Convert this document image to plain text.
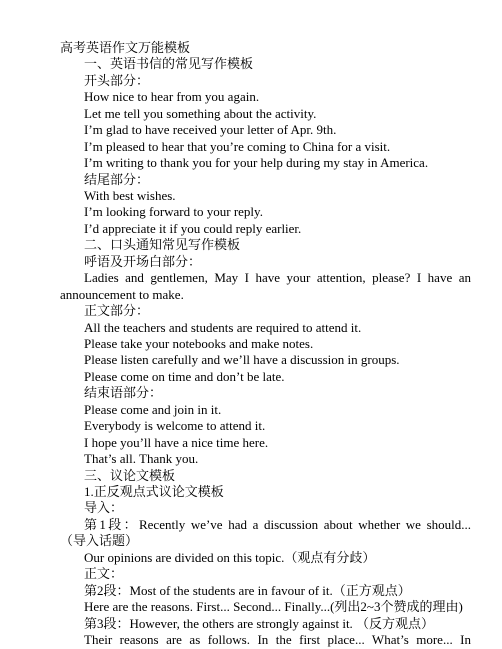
高考英语作文万能模板
一、英语书信的常见写作模板
开头部分：
How nice to hear from you again.
Let me tell you something about the activity.
I’m glad to have received your letter of Apr. 9th.
I’m pleased to hear that you’re coming to China for a visit.
I’m writing to thank you for your help during my stay in America.
结尾部分：
With best wishes.
I’m looking forward to your reply.
I’d appreciate it if you could reply earlier.
二、口头通知常见写作模板
呼语及开场白部分：
Ladies and gentlemen, May I have your attention, please? I have an
announcement to make.
正文部分：
All the teachers and students are required to attend it.
Please take your notebooks and make notes.
Please listen carefully and we’ll have a discussion in groups.
Please come on time and don’t be late.
结束语部分：
Please come and join in it.
Everybody is welcome to attend it.
I hope you’ll have a nice time here.
That’s all. Thank you.
三、议论文模板
1.正反观点式议论文模板
导入：
第1段：Recently we’ve had a discussion about whether we should...
（导入话题）
Our opinions are divided on this topic.（观点有分歧）
正文：
第2段：Most of the students are in favour of it.（正方观点）
Here are the reasons. First... Second... Finally...(列出2~3个赞成的理由)
第3段：However, the others are strongly against it. （反方观点）
Their reasons are as follows. In the first place... What’s more... In
